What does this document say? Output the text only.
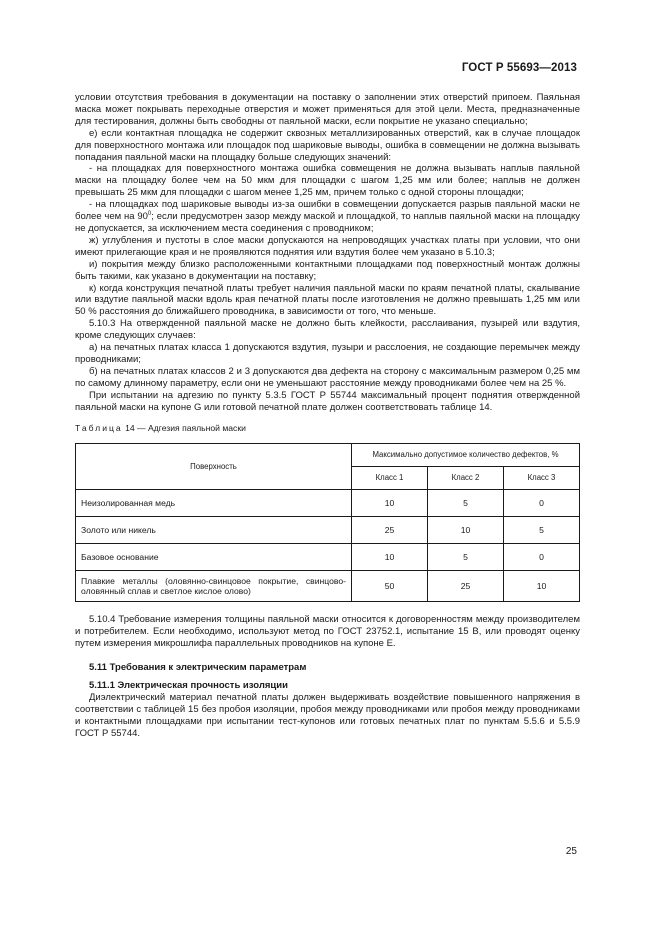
ГОСТ Р 55693—2013

условии отсутствия требования в документации на поставку о заполнении этих отверстий припоем. Паяльная маска может покрывать переходные отверстия и может применяться для этой цели. Места, предназначенные для тестирования, должны быть свободны от паяльной маски, если покрытие не указано специально;

е) если контактная площадка не содержит сквозных металлизированных отверстий, как в случае площадок для поверхностного монтажа или площадок под шариковые выводы, ошибка в совмещении не должна вызывать попадания паяльной маски на площадку больше следующих значений:

- на площадках для поверхностного монтажа ошибка совмещения не должна вызывать наплыв паяльной маски на площадку более чем на 50 мкм для площадки с шагом 1,25 мм или более; наплыв не должен превышать 25 мкм для площадки с шагом менее 1,25 мм, причем только с одной стороны площадки;

- на площадках под шариковые выводы из-за ошибки в совмещении допускается разрыв паяльной маски не более чем на $90^0$; если предусмотрен зазор между маской и площадкой, то наплыв паяльной маски на площадку не допускается, за исключением места соединения с проводником;

ж) углубления и пустоты в слое маски допускаются на непроводящих участках платы при условии, что они имеют прилегающие края и не проявляются поднятия или вздутия более чем указано в 5.10.3;

и) покрытия между близко расположенными контактными площадками под поверхностный монтаж должны быть такими, как указано в документации на поставку;

к) когда конструкция печатной платы требует наличия паяльной маски по краям печатной платы, скалывание или вздутие паяльной маски вдоль края печатной платы после изготовления не должно превышать 1,25 мм или 50 % расстояния до ближайшего проводника, в зависимости от того, что меньше.

5.10.3 На отвержденной паяльной маске не должно быть клейкости, расслаивания, пузырей или вздутия, кроме следующих случаев:

а) на печатных платах класса 1 допускаются вздутия, пузыри и расслоения, не создающие перемычек между проводниками;

б) на печатных платах классов 2 и 3 допускаются два дефекта на сторону с максимальным размером 0,25 мм по самому длинному параметру, если они не уменьшают расстояние между проводниками более чем на 25 %.

При испытании на адгезию по пункту 5.3.5 ГОСТ Р 55744 максимальный процент поднятия отвержденной паяльной маски на купоне G или готовой печатной плате должен соответствовать таблице 14.

Таблица 14 — Адгезия паяльной маски

Поверхность	Максимально допустимое количество дефектов, %		
	Класс 1	Класс 2	Класс 3
Неизолированная медь	10	5	0
Золото или никель	25	10	5
Базовое основание	10	5	0
Плавкие металлы (оловянно-свинцовое покрытие, свинцово-оловянный сплав и светлое кислое олово)	50	25	10

5.10.4 Требование измерения толщины паяльной маски относится к договоренностям между производителем и потребителем. Если необходимо, используют метод по ГОСТ 23752.1, испытание 15 В, или проводят оценку путем измерения микрошлифа параллельных проводников на купоне Е.

5.11 Требования к электрическим параметрам

5.11.1 Электрическая прочность изоляции

Диэлектрический материал печатной платы должен выдерживать воздействие повышенного напряжения в соответствии с таблицей 15 без пробоя изоляции, пробоя между проводниками или пробоя между проводниками и контактными площадками при испытании тест-купонов или готовых печатных плат по пунктам 5.5.6 и 5.5.9 ГОСТ Р 55744.

25
